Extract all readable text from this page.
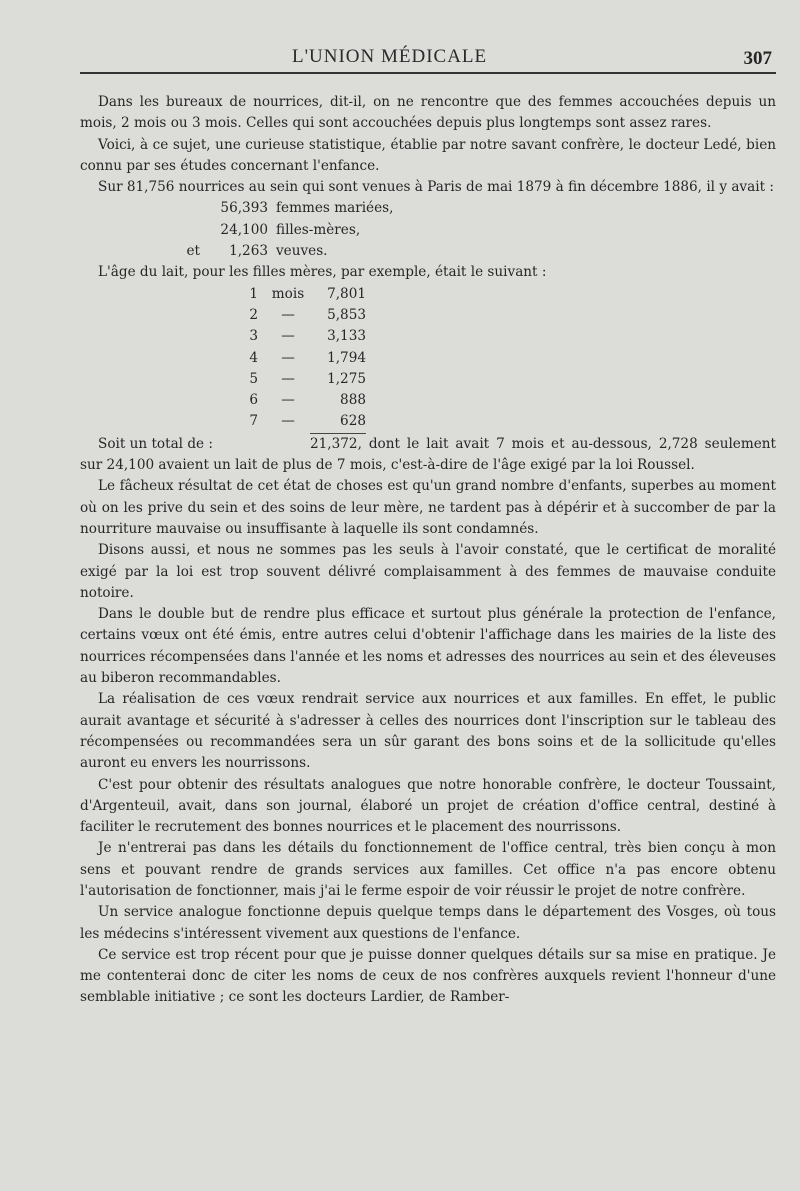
L'UNION MÉDICALE	307

Dans les bureaux de nourrices, dit-il, on ne rencontre que des femmes accouchées depuis un mois, 2 mois ou 3 mois. Celles qui sont accouchées depuis plus longtemps sont assez rares.

Voici, à ce sujet, une curieuse statistique, établie par notre savant confrère, le docteur Ledé, bien connu par ses études concernant l'enfance.

Sur 81,756 nourrices au sein qui sont venues à Paris de mai 1879 à fin décembre 1886, il y avait :

56,393 femmes mariées,
24,100 filles-mères,
et	1,263 veuves.

L'âge du lait, pour les filles mères, par exemple, était le suivant :

1	mois	7,801
2	—	5,853
3	—	3,133
4	—	1,794
5	—	1,275
6	—	888
7	—	628

Soit un total de :	21,372, dont le lait avait 7 mois et au-dessous, 2,728 seulement sur 24,100 avaient un lait de plus de 7 mois, c'est-à-dire de l'âge exigé par la loi Roussel.

Le fâcheux résultat de cet état de choses est qu'un grand nombre d'enfants, superbes au moment où on les prive du sein et des soins de leur mère, ne tardent pas à dépérir et à succomber de par la nourriture mauvaise ou insuffisante à laquelle ils sont condamnés.

Disons aussi, et nous ne sommes pas les seuls à l'avoir constaté, que le certificat de moralité exigé par la loi est trop souvent délivré complaisamment à des femmes de mauvaise conduite notoire.

Dans le double but de rendre plus efficace et surtout plus générale la protection de l'enfance, certains vœux ont été émis, entre autres celui d'obtenir l'affichage dans les mairies de la liste des nourrices récompensées dans l'année et les noms et adresses des nourrices au sein et des éleveuses au biberon recommandables.

La réalisation de ces vœux rendrait service aux nourrices et aux familles. En effet, le public aurait avantage et sécurité à s'adresser à celles des nourrices dont l'inscription sur le tableau des récompensées ou recommandées sera un sûr garant des bons soins et de la sollicitude qu'elles auront eu envers les nourrissons.

C'est pour obtenir des résultats analogues que notre honorable confrère, le docteur Toussaint, d'Argenteuil, avait, dans son journal, élaboré un projet de création d'office central, destiné à faciliter le recrutement des bonnes nourrices et le placement des nourrissons.

Je n'entrerai pas dans les détails du fonctionnement de l'office central, très bien conçu à mon sens et pouvant rendre de grands services aux familles. Cet office n'a pas encore obtenu l'autorisation de fonctionner, mais j'ai le ferme espoir de voir réussir le projet de notre confrère.

Un service analogue fonctionne depuis quelque temps dans le département des Vosges, où tous les médecins s'intéressent vivement aux questions de l'enfance.

Ce service est trop récent pour que je puisse donner quelques détails sur sa mise en pratique. Je me contenterai donc de citer les noms de ceux de nos confrères auxquels revient l'honneur d'une semblable initiative ; ce sont les docteurs Lardier, de Ramber-
